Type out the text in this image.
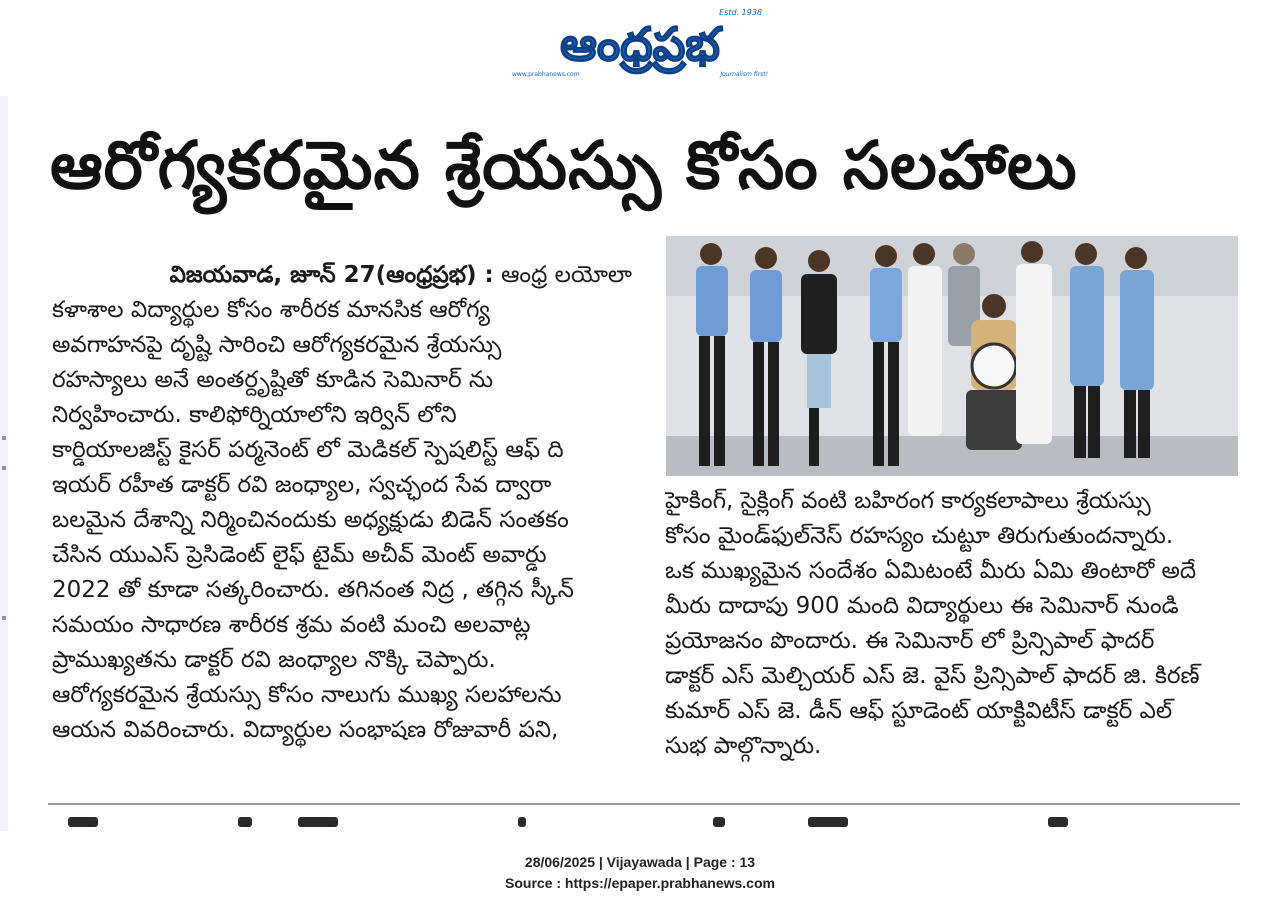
ఆంధ్రప్రభ
Estd. 1938
www.prabhanews.com	Journalism first!
ఆరోగ్యకరమైన శ్రేయస్సు కోసం సలహాలు
విజయవాడ, జూన్ 27(ఆంధ్రప్రభ) : ఆంధ్ర లయోలా
కళాశాల విద్యార్థుల కోసం శారీరక మానసిక ఆరోగ్య
అవగాహనపై దృష్టి సారించి ఆరోగ్యకరమైన శ్రేయస్సు
రహస్యాలు అనే అంతర్దృష్టితో కూడిన సెమినార్ ను
నిర్వహించారు. కాలిఫోర్నియాలోని ఇర్విన్ లోని
కార్డియాలజిస్ట్ కైసర్ పర్మనెంట్ లో మెడికల్ స్పెషలిస్ట్ ఆఫ్ ది
ఇయర్ రహీత డాక్టర్ రవి జంధ్యాల, స్వచ్ఛంద సేవ ద్వారా
బలమైన దేశాన్ని నిర్మించినందుకు అధ్యక్షుడు బిడెన్ సంతకం
చేసిన యుఎస్ ప్రెసిడెంట్ లైఫ్ టైమ్ అచీవ్ మెంట్ అవార్డు
2022 తో కూడా సత్కరించారు. తగినంత నిద్ర , తగ్గిన స్కీన్
సమయం సాధారణ శారీరక శ్రమ వంటి మంచి అలవాట్ల
ప్రాముఖ్యతను డాక్టర్ రవి జంధ్యాల నొక్కి చెప్పారు.
ఆరోగ్యకరమైన శ్రేయస్సు కోసం నాలుగు ముఖ్య సలహాలను
ఆయన వివరించారు. విద్యార్థుల సంభాషణ రోజువారీ పని,
హైకింగ్, సైక్లింగ్ వంటి బహిరంగ కార్యకలాపాలు శ్రేయస్సు
కోసం మైండ్‌ఫుల్‌నెస్ రహస్యం చుట్టూ తిరుగుతుందన్నారు.
ఒక ముఖ్యమైన సందేశం ఏమిటంటే మీరు ఏమి తింటారో అదే
మీరు దాదాపు 900 మంది విద్యార్థులు ఈ సెమినార్ నుండి
ప్రయోజనం పొందారు. ఈ సెమినార్ లో ప్రిన్సిపాల్ ఫాదర్
డాక్టర్ ఎస్ మెల్చియర్ ఎస్ జె. వైస్ ప్రిన్సిపాల్ ఫాదర్ జి. కిరణ్
కుమార్ ఎస్ జె. డీన్ ఆఫ్ స్టూడెంట్ యాక్టివిటీస్ డాక్టర్ ఎల్
సుభ పాల్గొన్నారు.
28/06/2025 | Vijayawada | Page : 13
Source : https://epaper.prabhanews.com
